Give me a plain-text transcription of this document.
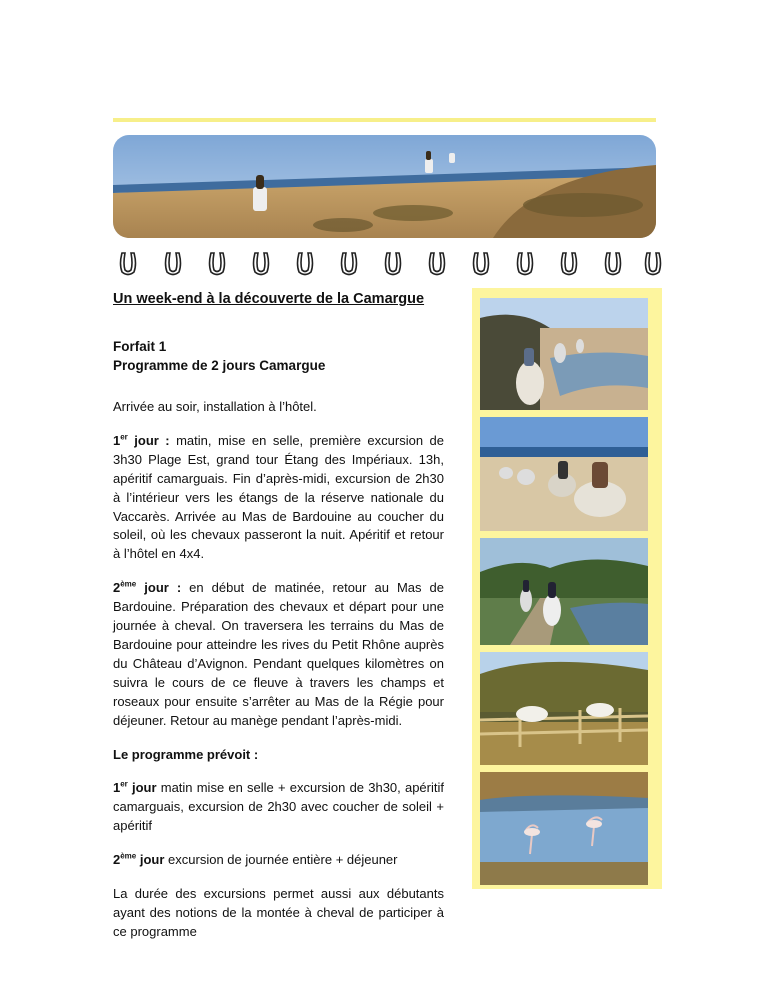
Un week-end à la découverte de la Camargue
Forfait 1
Programme de 2 jours Camargue

Arrivée au soir, installation à l’hôtel.

1er jour : matin, mise en selle, première excursion de 3h30 Plage Est, grand tour Étang des Impériaux. 13h, apéritif camarguais. Fin d’après-midi, excursion de 2h30 à l’intérieur vers les étangs de la réserve nationale du Vaccarès. Arrivée au Mas de Bardouine au coucher du soleil, où les chevaux passeront la nuit. Apéritif et retour à l’hôtel en 4x4.

2ème jour : en début de matinée, retour au Mas de Bardouine. Préparation des chevaux et départ pour une journée à cheval. On traversera les terrains du Mas de Bardouine pour atteindre les rives du Petit Rhône auprès du Château d’Avignon. Pendant quelques kilomètres on suivra le cours de ce fleuve à travers les champs et roseaux pour ensuite s’arrêter au Mas de la Régie pour déjeuner. Retour au manège pendant l’après-midi.

Le programme prévoit :

1er jour matin mise en selle + excursion de 3h30, apéritif camarguais, excursion de 2h30 avec coucher de soleil + apéritif

2ème jour excursion de journée entière + déjeuner

La durée des excursions permet aussi aux débutants ayant des notions de la montée à cheval de participer à ce programme
